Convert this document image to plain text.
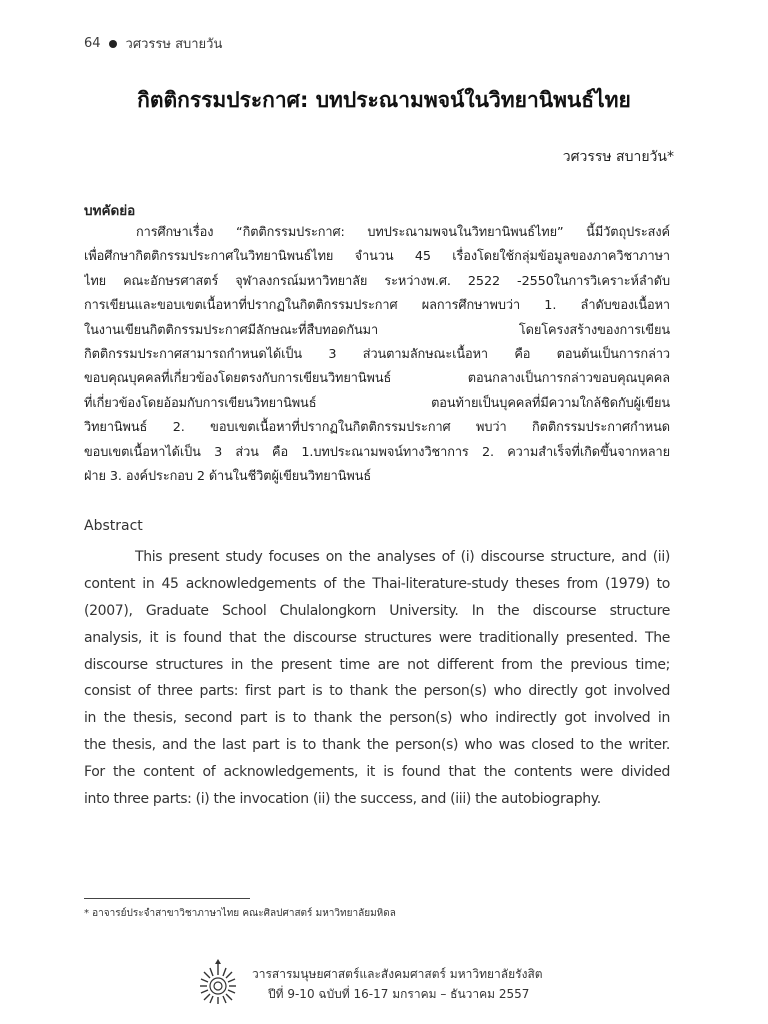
64 วศวรรษ สบายวัน
กิตติกรรมประกาศ: บทประณามพจน์ในวิทยานิพนธ์ไทย
วศวรรษ สบายวัน*
บทคัดย่อ

การศึกษาเรื่อง “กิตติกรรมประกาศ: บทประณามพจนในวิทยานิพนธ์ไทย” นี้มีวัตถุประสงค์

เพื่อศึกษากิตติกรรมประกาศในวิทยานิพนธ์ไทย จำนวน 45 เรื่องโดยใช้กลุ่มข้อมูลของภาควิชาภาษา

ไทย คณะอักษรศาสตร์ จุฬาลงกรณ์มหาวิทยาลัย ระหว่างพ.ศ. 2522 -2550ในการวิเคราะห์ลำดับ

การเขียนและขอบเขตเนื้อหาที่ปรากฏในกิตติกรรมประกาศ ผลการศึกษาพบว่า 1. ลำดับของเนื้อหา

ในงานเขียนกิตติกรรมประกาศมีลักษณะที่สืบทอดกันมา โดยโครงสร้างของการเขียน

กิตติกรรมประกาศสามารถกำหนดได้เป็น 3 ส่วนตามลักษณะเนื้อหา คือ ตอนต้นเป็นการกล่าว

ขอบคุณบุคคลที่เกี่ยวข้องโดยตรงกับการเขียนวิทยานิพนธ์ ตอนกลางเป็นการกล่าวขอบคุณบุคคล

ที่เกี่ยวข้องโดยอ้อมกับการเขียนวิทยานิพนธ์ ตอนท้ายเป็นบุคคลที่มีความใกล้ชิดกับผู้เขียน

วิทยานิพนธ์ 2. ขอบเขตเนื้อหาที่ปรากฏในกิตติกรรมประกาศ พบว่า กิตติกรรมประกาศกำหนด

ขอบเขตเนื้อหาได้เป็น 3 ส่วน คือ 1.บทประณามพจน์ทางวิชาการ 2. ความสำเร็จที่เกิดขึ้นจากหลาย

ฝ่าย 3. องค์ประกอบ 2 ด้านในชีวิตผู้เขียนวิทยานิพนธ์

Abstract

This present study focuses on the analyses of (i) discourse structure, and (ii)

content in 45 acknowledgements of the Thai-literature-study theses from (1979) to

(2007), Graduate School Chulalongkorn University. In the discourse structure

analysis, it is found that the discourse structures were traditionally presented. The

discourse structures in the present time are not different from the previous time;

consist of three parts: first part is to thank the person(s) who directly got involved

in the thesis, second part is to thank the person(s) who indirectly got involved in

the thesis, and the last part is to thank the person(s) who was closed to the writer.

For the content of acknowledgements, it is found that the contents were divided

into three parts: (i) the invocation (ii) the success, and (iii) the autobiography.

* อาจารย์ประจำสาขาวิชาภาษาไทย คณะศิลปศาสตร์ มหาวิทยาลัยมหิดล
วารสารมนุษยศาสตร์และสังคมศาสตร์ มหาวิทยาลัยรังสิต
ปีที่ 9-10 ฉบับที่ 16-17 มกราคม – ธันวาคม 2557
